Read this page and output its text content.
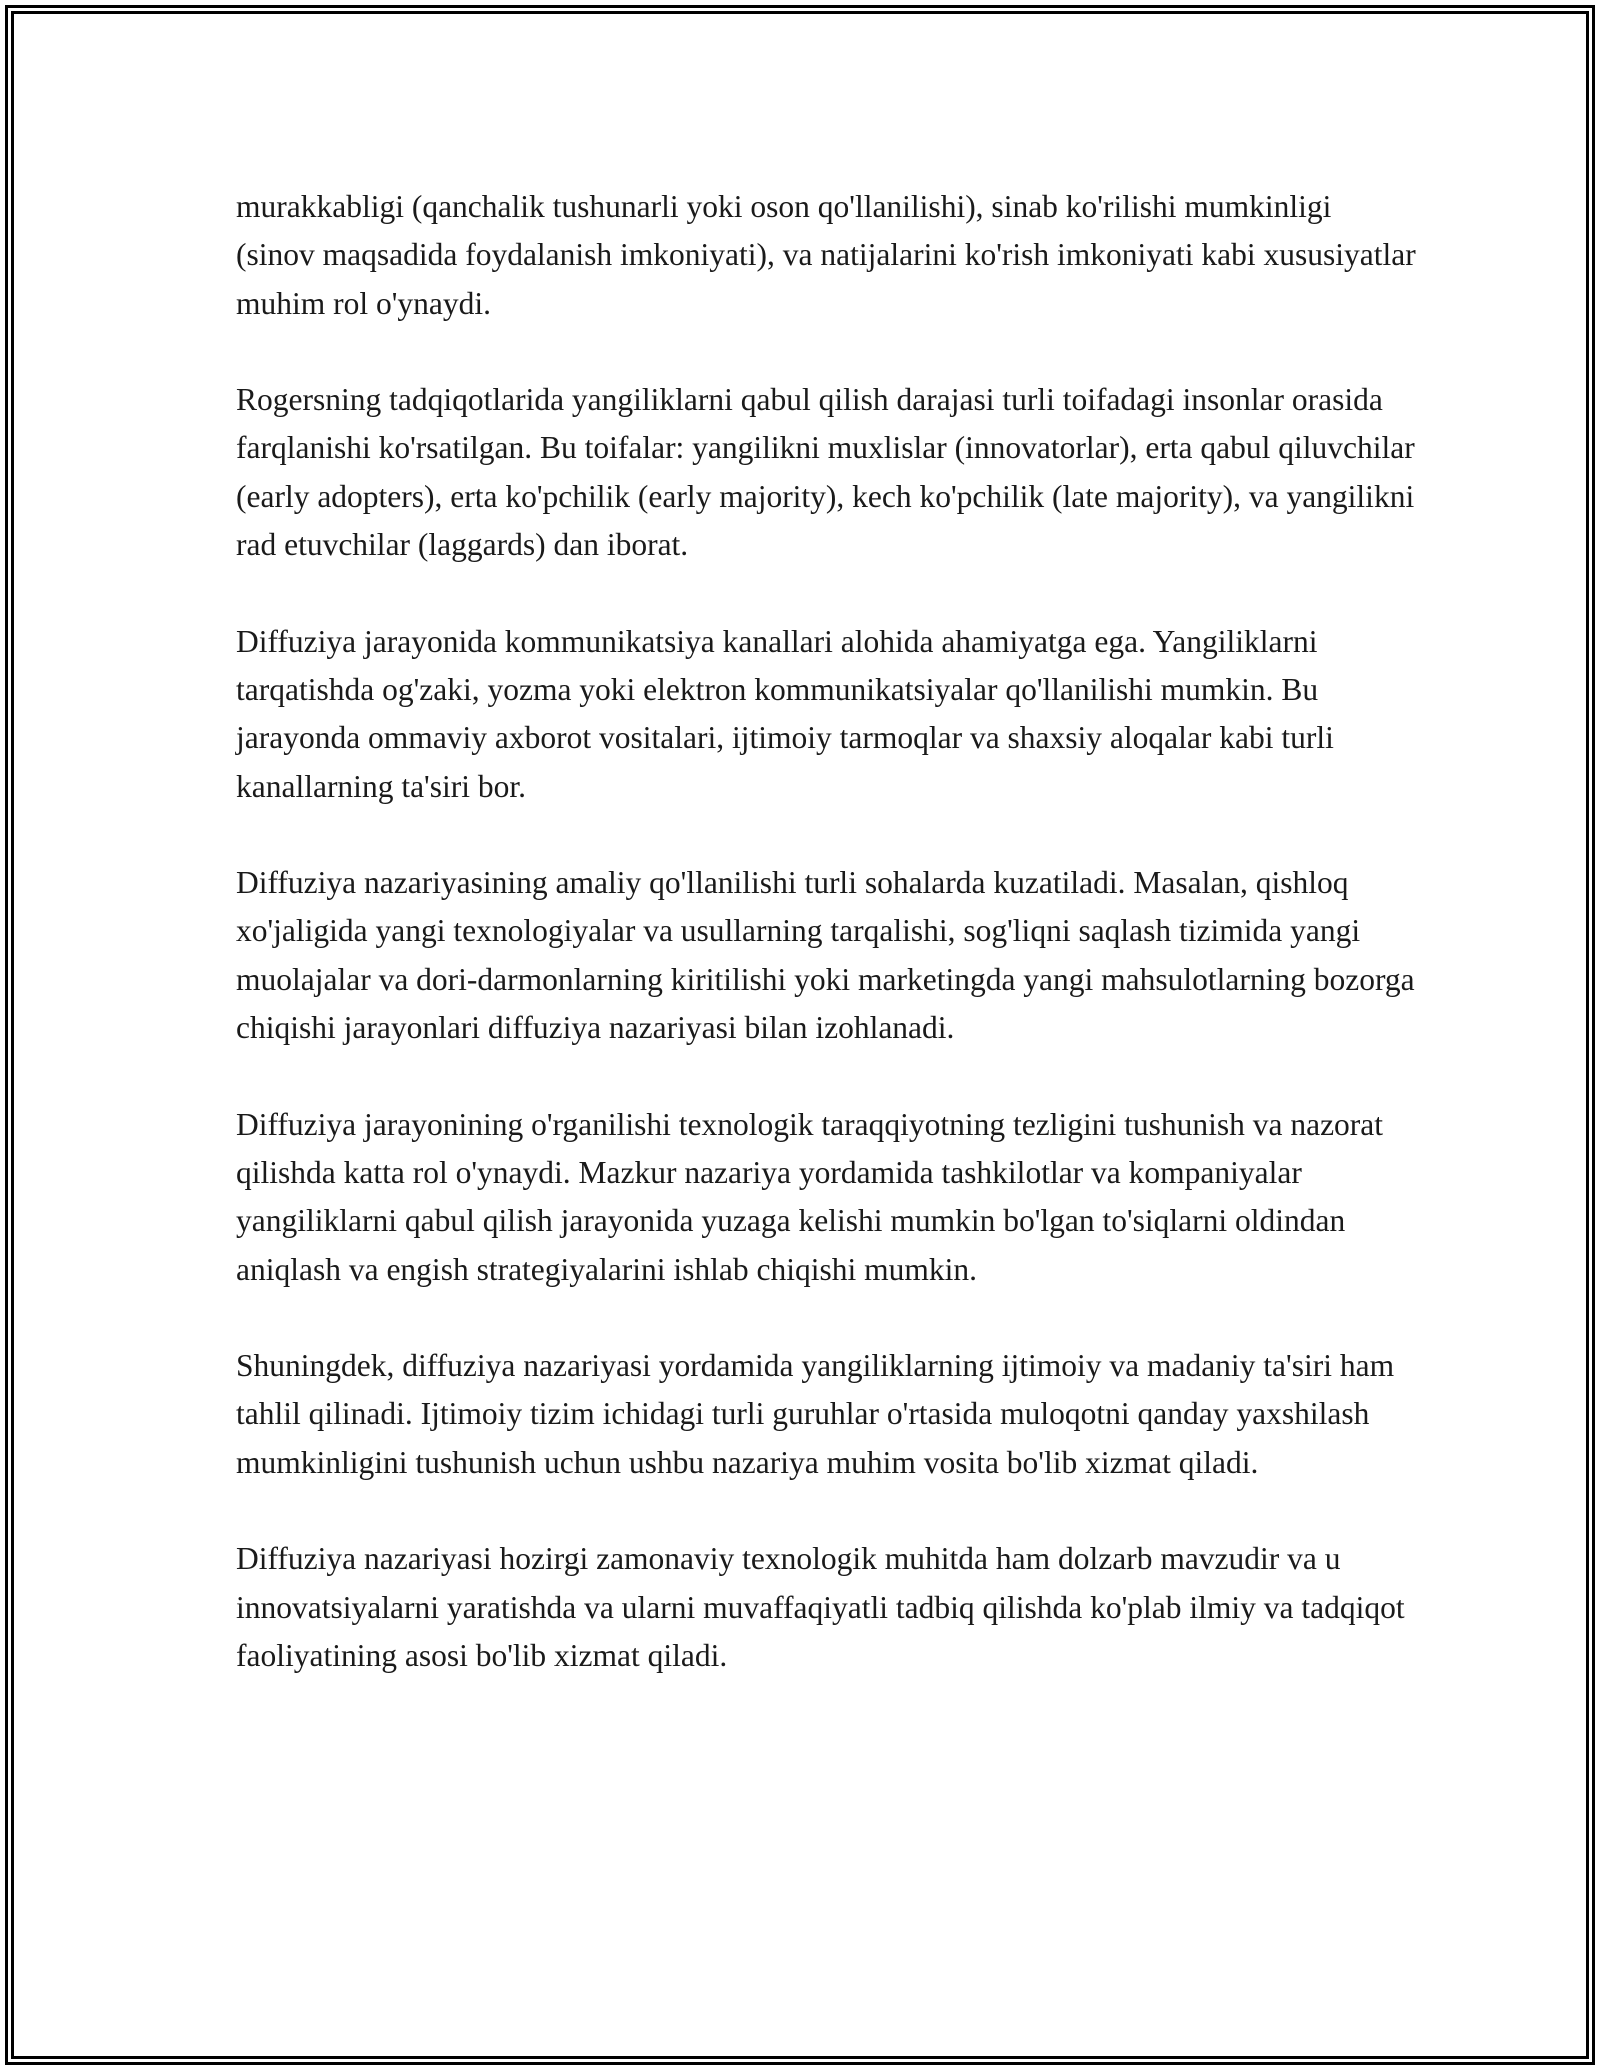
murakkabligi (qanchalik tushunarli yoki oson qo'llanilishi), sinab ko'rilishi mumkinligi (sinov maqsadida foydalanish imkoniyati), va natijalarini ko'rish imkoniyati kabi xususiyatlar muhim rol o'ynaydi.

Rogersning tadqiqotlarida yangiliklarni qabul qilish darajasi turli toifadagi insonlar orasida farqlanishi ko'rsatilgan. Bu toifalar: yangilikni muxlislar (innovatorlar), erta qabul qiluvchilar (early adopters), erta ko'pchilik (early majority), kech ko'pchilik (late majority), va yangilikni rad etuvchilar (laggards) dan iborat.

Diffuziya jarayonida kommunikatsiya kanallari alohida ahamiyatga ega. Yangiliklarni tarqatishda og'zaki, yozma yoki elektron kommunikatsiyalar qo'llanilishi mumkin. Bu jarayonda ommaviy axborot vositalari, ijtimoiy tarmoqlar va shaxsiy aloqalar kabi turli kanallarning ta'siri bor.

Diffuziya nazariyasining amaliy qo'llanilishi turli sohalarda kuzatiladi. Masalan, qishloq xo'jaligida yangi texnologiyalar va usullarning tarqalishi, sog'liqni saqlash tizimida yangi muolajalar va dori-darmonlarning kiritilishi yoki marketingda yangi mahsulotlarning bozorga chiqishi jarayonlari diffuziya nazariyasi bilan izohlanadi.

Diffuziya jarayonining o'rganilishi texnologik taraqqiyotning tezligini tushunish va nazorat qilishda katta rol o'ynaydi. Mazkur nazariya yordamida tashkilotlar va kompaniyalar yangiliklarni qabul qilish jarayonida yuzaga kelishi mumkin bo'lgan to'siqlarni oldindan aniqlash va engish strategiyalarini ishlab chiqishi mumkin.

Shuningdek, diffuziya nazariyasi yordamida yangiliklarning ijtimoiy va madaniy ta'siri ham tahlil qilinadi. Ijtimoiy tizim ichidagi turli guruhlar o'rtasida muloqotni qanday yaxshilash mumkinligini tushunish uchun ushbu nazariya muhim vosita bo'lib xizmat qiladi.

Diffuziya nazariyasi hozirgi zamonaviy texnologik muhitda ham dolzarb mavzudir va u innovatsiyalarni yaratishda va ularni muvaffaqiyatli tadbiq qilishda ko'plab ilmiy va tadqiqot faoliyatining asosi bo'lib xizmat qiladi.
